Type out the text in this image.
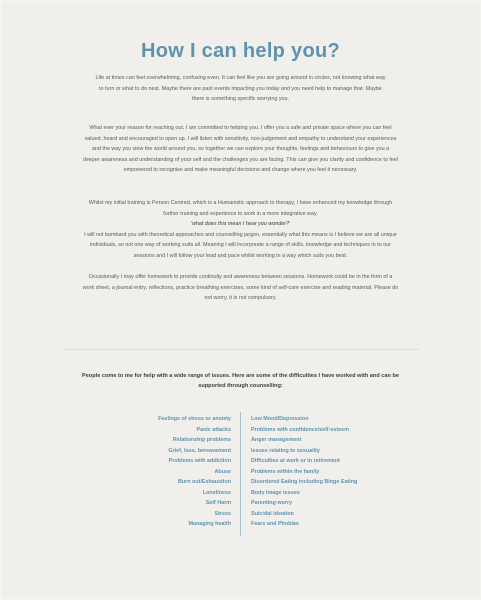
How I can help you?
Life at times can feel overwhelming, confusing even. It can feel like you are going around in circles, not knowing what way
to turn or what to do next. Maybe there are past events impacting you today and you need help to manage that. Maybe
there is something specific worrying you.
What ever your reason for reaching out, I am committed to helping you. I offer you a safe and private space where you can feel
valued, heard and encouraged to open up. I will listen with sensitivity, non-judgement and empathy to understand your experiences
and the way you view the world around you, so together we can explore your thoughts, feelings and behaviours to give you a
deeper awareness and understanding of your self and the challenges you are facing. This can give you clarity and confidence to feel
empowered to recognise and make meaningful decisions and change where you feel it necessary.
Whilst my initial training is Person Centred, which is a Humanistic approach to therapy, I have enhanced my knowledge through
further training and experience to work in a more integrative way.
'what does this mean I hear you wonder?'
I will not bombard you with theoretical approaches and counselling jargon, essentially what this means is I believe we are all unique
individuals, so not one way of working suits all. Meaning I will incorporate a range of skills, knowledge and techniques in to our
sessions and I will follow your lead and pace whilst working in a way which suits you best.
Occasionally I may offer homework to provide continuity and awareness between sessions. Homework could be in the form of a
work sheet, a journal entry, reflections, practice breathing exercises, some kind of self-care exercise and reading material. Please do
not worry, it is not compulsory.
People come to me for help with a wide range of issues. Here are some of the difficulties I have worked with and can be
supported through counselling:
Feelings of stress or anxiety
Panic attacks
Relationship problems
Grief, loss, bereavement
Problems with addiction
Abuse
Burn out/Exhaustion
Loneliness
Self Harm
Stress
Managing health
Low Mood/Depression
Problems with confidence/self-esteem
Anger management
Issues relating to sexuality
Difficulties at work or in retirement
Problems within the family
Disordered Eating including Binge Eating
Body image issues
Parenting worry
Suicidal ideation
Fears and Phobias
